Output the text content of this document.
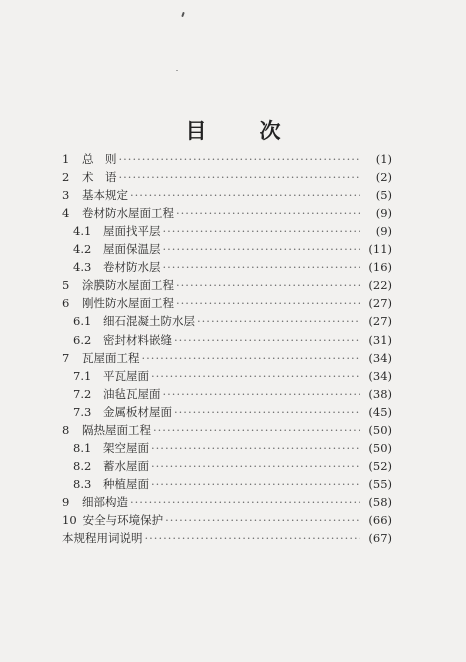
目　次
1	总　则 ·····	(1)
2	术　语 ·····	(2)
3	基本规定 ·····	(5)
4	卷材防水屋面工程 ·····	(9)
4.1	屋面找平层 ·····	(9)
4.2	屋面保温层 ·····	(11)
4.3	卷材防水层 ·····	(16)
5	涂膜防水屋面工程 ·····	(22)
6	刚性防水屋面工程 ·····	(27)
6.1	细石混凝土防水层 ·····	(27)
6.2	密封材料嵌缝 ·····	(31)
7	瓦屋面工程 ·····	(34)
7.1	平瓦屋面 ·····	(34)
7.2	油毡瓦屋面 ·····	(38)
7.3	金属板材屋面 ·····	(45)
8	隔热屋面工程 ·····	(50)
8.1	架空屋面 ·····	(50)
8.2	蓄水屋面 ·····	(52)
8.3	种植屋面 ·····	(55)
9	细部构造 ·····	(58)
10 安全与环境保护 ·····	(66)
本规程用词说明 ·····	(67)
